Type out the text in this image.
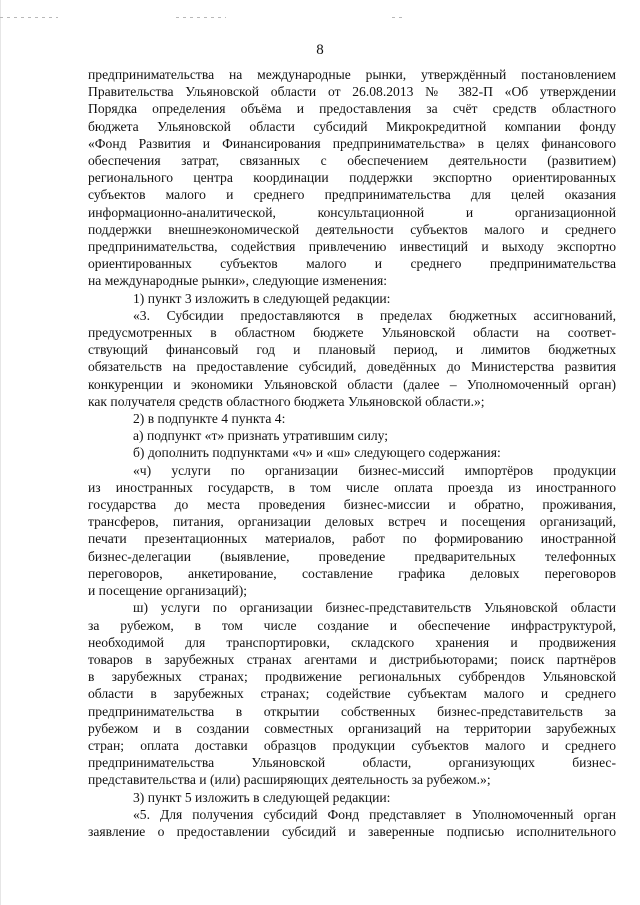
8

предпринимательства на международные рынки, утверждённый постановлением
Правительства Ульяновской области от 26.08.2013 № 382-П «Об утверждении
Порядка определения объёма и предоставления за счёт средств областного
бюджета Ульяновской области субсидий Микрокредитной компании фонду
«Фонд Развития и Финансирования предпринимательства» в целях финансового
обеспечения затрат, связанных с обеспечением деятельности (развитием)
регионального центра координации поддержки экспортно ориентированных
субъектов малого и среднего предпринимательства для целей оказания
информационно-аналитической, консультационной и организационной
поддержки внешнеэкономической деятельности субъектов малого и среднего
предпринимательства, содействия привлечению инвестиций и выходу экспортно
ориентированных субъектов малого и среднего предпринимательства
на международные рынки», следующие изменения:
1) пункт 3 изложить в следующей редакции:
«3. Субсидии предоставляются в пределах бюджетных ассигнований,
предусмотренных в областном бюджете Ульяновской области на соответ-
ствующий финансовый год и плановый период, и лимитов бюджетных
обязательств на предоставление субсидий, доведённых до Министерства развития
конкуренции и экономики Ульяновской области (далее – Уполномоченный орган)
как получателя средств областного бюджета Ульяновской области.»;
2) в подпункте 4 пункта 4:
а) подпункт «т» признать утратившим силу;
б) дополнить подпунктами «ч» и «ш» следующего содержания:
«ч) услуги по организации бизнес-миссий импортёров продукции
из иностранных государств, в том числе оплата проезда из иностранного
государства до места проведения бизнес-миссии и обратно, проживания,
трансферов, питания, организации деловых встреч и посещения организаций,
печати презентационных материалов, работ по формированию иностранной
бизнес-делегации (выявление, проведение предварительных телефонных
переговоров, анкетирование, составление графика деловых переговоров
и посещение организаций);
ш) услуги по организации бизнес-представительств Ульяновской области
за рубежом, в том числе создание и обеспечение инфраструктурой,
необходимой для транспортировки, складского хранения и продвижения
товаров в зарубежных странах агентами и дистрибьюторами; поиск партнёров
в зарубежных странах; продвижение региональных суббрендов Ульяновской
области в зарубежных странах; содействие субъектам малого и среднего
предпринимательства в открытии собственных бизнес-представительств за
рубежом и в создании совместных организаций на территории зарубежных
стран; оплата доставки образцов продукции субъектов малого и среднего
предпринимательства Ульяновской области, организующих бизнес-
представительства и (или) расширяющих деятельность за рубежом.»;
3) пункт 5 изложить в следующей редакции:
«5. Для получения субсидий Фонд представляет в Уполномоченный орган
заявление о предоставлении субсидий и заверенные подписью исполнительного
